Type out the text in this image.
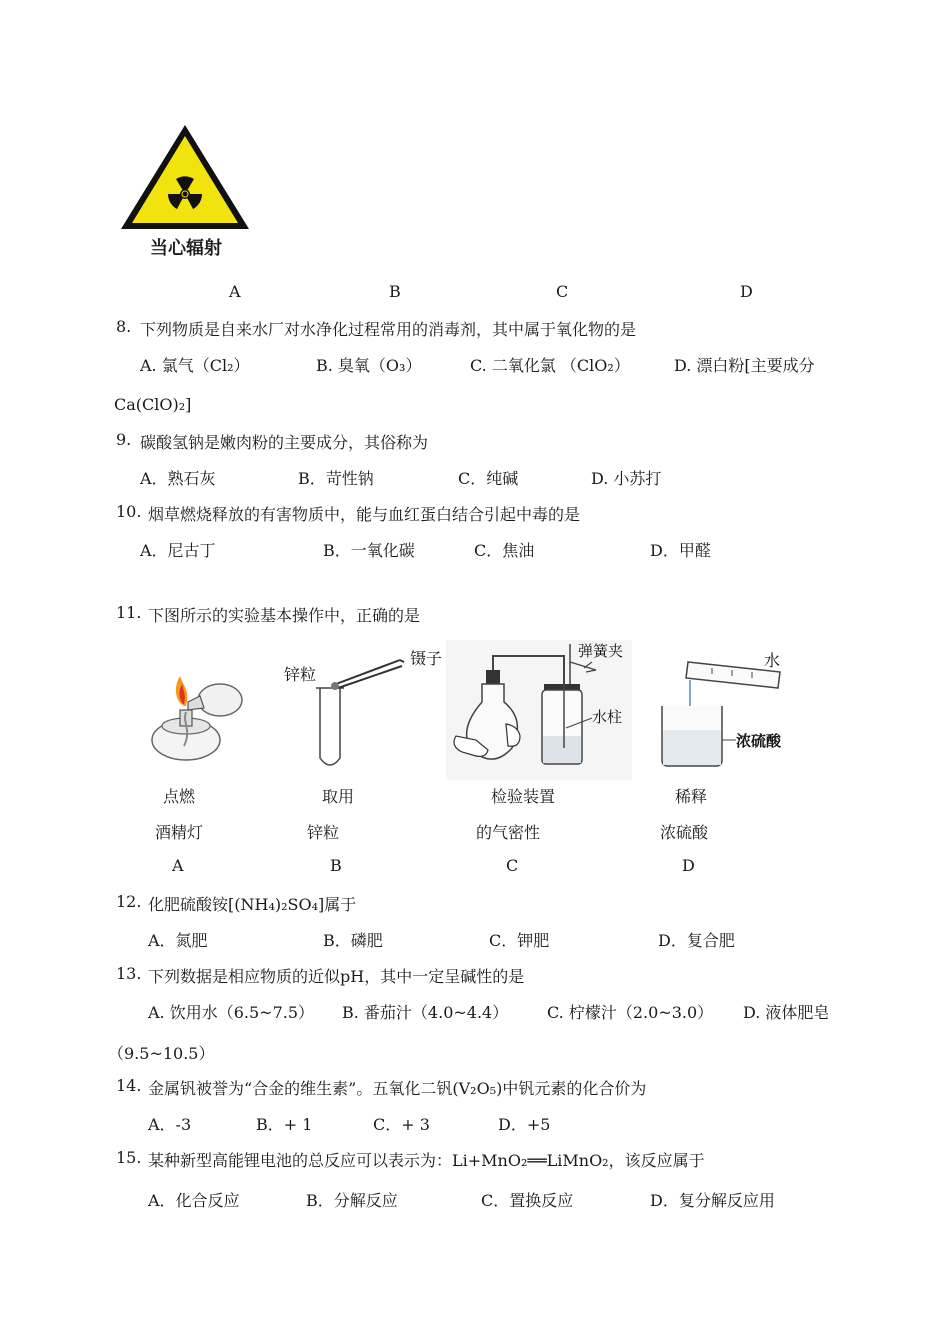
当心辐射
A	B	C	D
8. 下列物质是自来水厂对水净化过程常用的消毒剂，其中属于氧化物的是
A. 氯气（Cl₂）	B. 臭氧（O₃）	C. 二氧化氯 （ClO₂）	D. 漂白粉[主要成分
Ca(ClO)₂]
9. 碳酸氢钠是嫩肉粉的主要成分，其俗称为
A．熟石灰	B．苛性钠	C．纯碱	D. 小苏打
10. 烟草燃烧释放的有害物质中，能与血红蛋白结合引起中毒的是
A．尼古丁	B．一氧化碳	C．焦油	D．甲醛
11. 下图所示的实验基本操作中，正确的是
锌粒
镊子	弹簧夹
水柱
水
浓硫酸
点燃
酒精灯
A
取用
锌粒
B
检验装置
的气密性
C
稀释
浓硫酸
D
12. 化肥硫酸铵[(NH₄)₂SO₄]属于
A．氮肥	B．磷肥	C．钾肥	D．复合肥
13. 下列数据是相应物质的近似pH，其中一定呈碱性的是
A. 饮用水（6.5~7.5） B. 番茄汁（4.0~4.4） C. 柠檬汁（2.0~3.0） D. 液体肥皂
（9.5~10.5）
14. 金属钒被誉为“合金的维生素”。五氧化二钒(V₂O₅)中钒元素的化合价为
A．-3	B．+ 1	C．+ 3	D．+5
15. 某种新型高能锂电池的总反应可以表示为：Li+MnO₂══LiMnO₂，该反应属于
A．化合反应	B．分解反应	C．置换反应	D．复分解反应用
